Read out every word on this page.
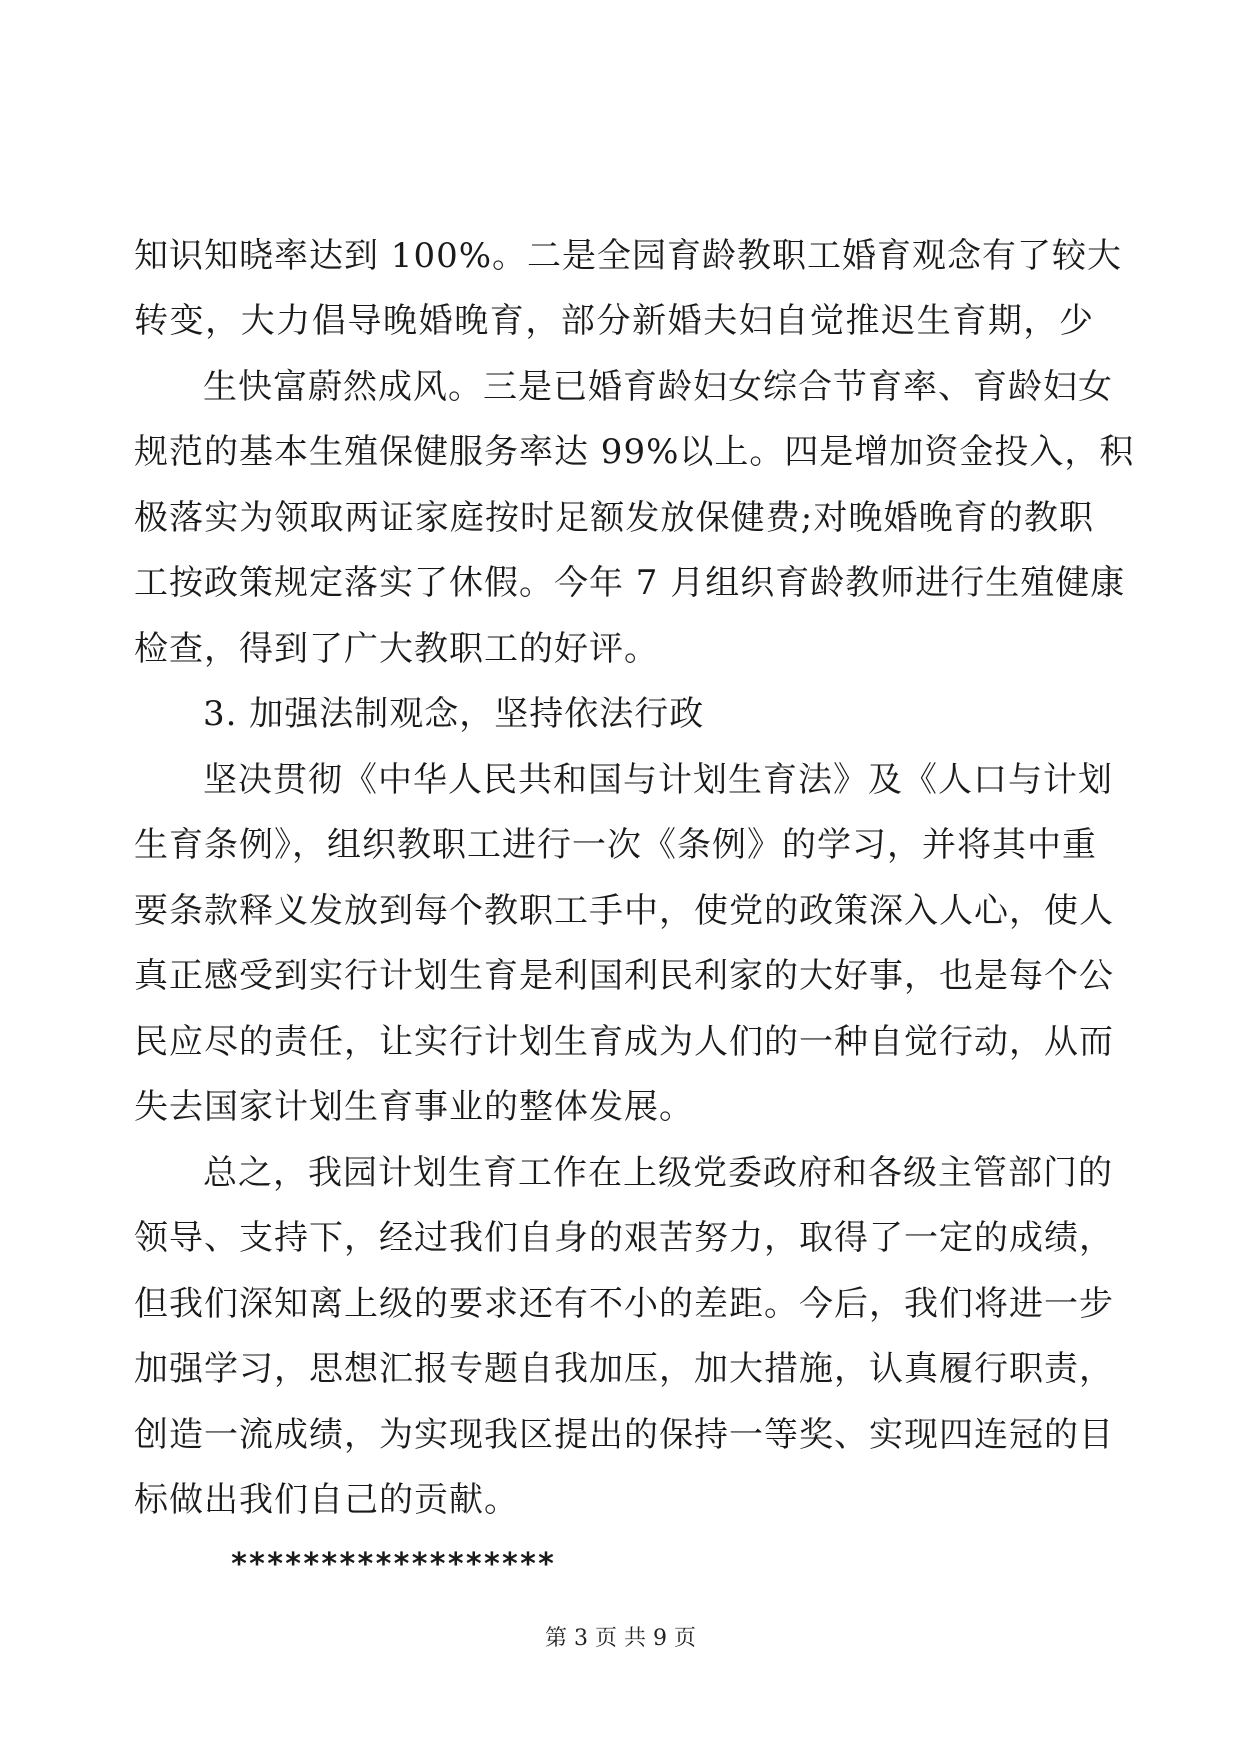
知识知晓率达到 100%。二是全园育龄教职工婚育观念有了较大
转变，大力倡导晚婚晚育，部分新婚夫妇自觉推迟生育期，少
生快富蔚然成风。三是已婚育龄妇女综合节育率、育龄妇女
规范的基本生殖保健服务率达 99%以上。四是增加资金投入，积
极落实为领取两证家庭按时足额发放保健费;对晚婚晚育的教职
工按政策规定落实了休假。今年 7 月组织育龄教师进行生殖健康
检查，得到了广大教职工的好评。
3. 加强法制观念，坚持依法行政
坚决贯彻《中华人民共和国与计划生育法》及《人口与计划
生育条例》，组织教职工进行一次《条例》的学习，并将其中重
要条款释义发放到每个教职工手中，使党的政策深入人心，使人
真正感受到实行计划生育是利国利民利家的大好事，也是每个公
民应尽的责任，让实行计划生育成为人们的一种自觉行动，从而
失去国家计划生育事业的整体发展。
总之，我园计划生育工作在上级党委政府和各级主管部门的
领导、支持下，经过我们自身的艰苦努力，取得了一定的成绩，
但我们深知离上级的要求还有不小的差距。今后，我们将进一步
加强学习，思想汇报专题自我加压，加大措施，认真履行职责，
创造一流成绩，为实现我区提出的保持一等奖、实现四连冠的目
标做出我们自己的贡献。
******************
第 3 页 共 9 页
